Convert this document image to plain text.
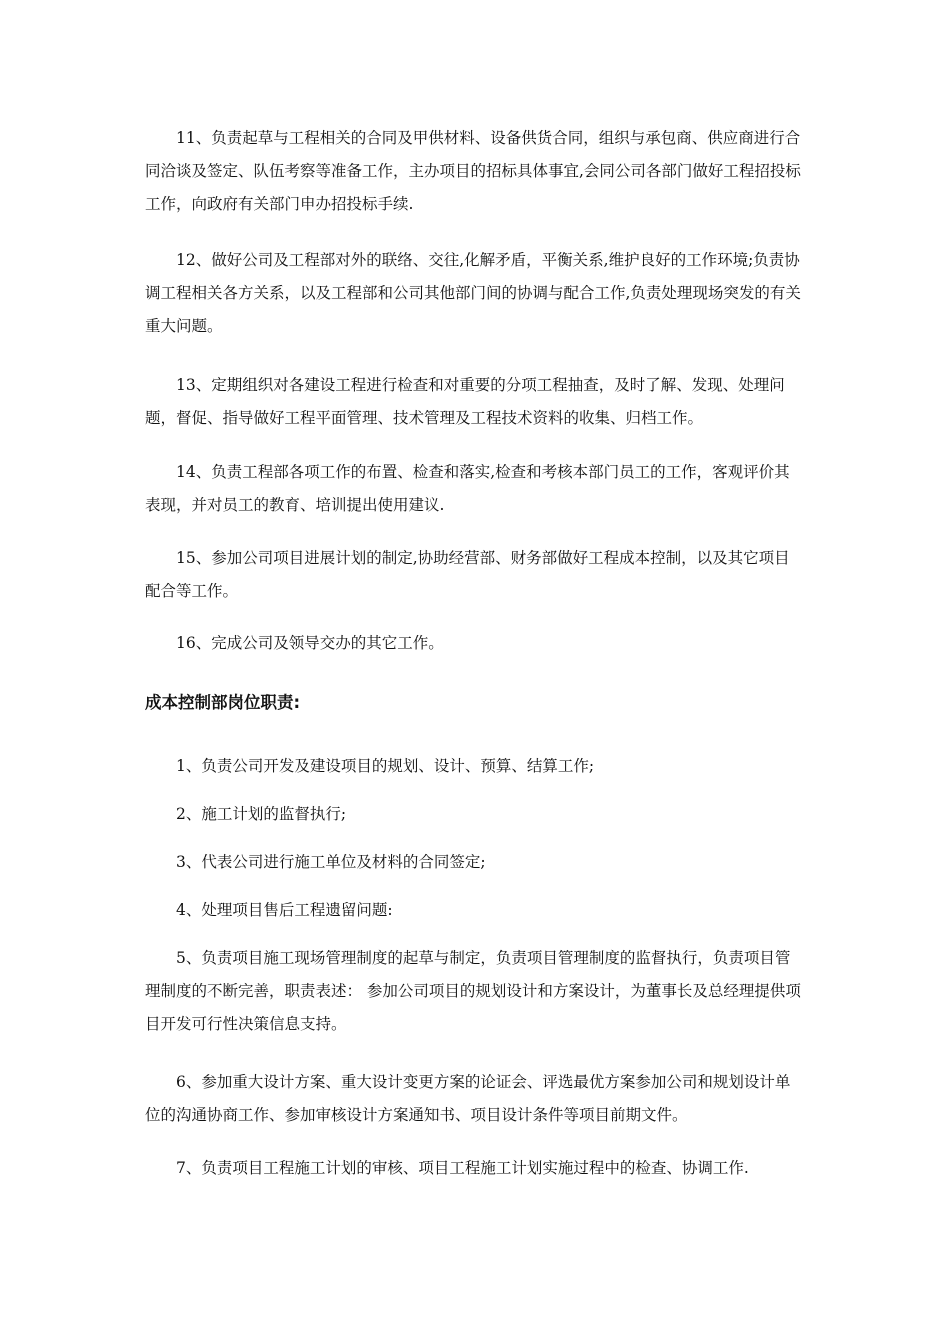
11、负责起草与工程相关的合同及甲供材料、设备供货合同，组织与承包商、供应商进行合同洽谈及签定、队伍考察等准备工作，主办项目的招标具体事宜,会同公司各部门做好工程招投标工作，向政府有关部门申办招投标手续.

12、做好公司及工程部对外的联络、交往,化解矛盾，平衡关系,维护良好的工作环境;负责协调工程相关各方关系，以及工程部和公司其他部门间的协调与配合工作,负责处理现场突发的有关重大问题。

13、定期组织对各建设工程进行检查和对重要的分项工程抽查，及时了解、发现、处理问题，督促、指导做好工程平面管理、技术管理及工程技术资料的收集、归档工作。

14、负责工程部各项工作的布置、检查和落实,检查和考核本部门员工的工作，客观评价其表现，并对员工的教育、培训提出使用建议.

15、参加公司项目进展计划的制定,协助经营部、财务部做好工程成本控制，以及其它项目配合等工作。

16、完成公司及领导交办的其它工作。

成本控制部岗位职责:

1、负责公司开发及建设项目的规划、设计、预算、结算工作;

2、施工计划的监督执行;

3、代表公司进行施工单位及材料的合同签定;

4、处理项目售后工程遗留问题:

5、负责项目施工现场管理制度的起草与制定，负责项目管理制度的监督执行，负责项目管理制度的不断完善，职责表述： 参加公司项目的规划设计和方案设计，为董事长及总经理提供项目开发可行性决策信息支持。

6、参加重大设计方案、重大设计变更方案的论证会、评选最优方案参加公司和规划设计单位的沟通协商工作、参加审核设计方案通知书、项目设计条件等项目前期文件。

7、负责项目工程施工计划的审核、项目工程施工计划实施过程中的检查、协调工作.
